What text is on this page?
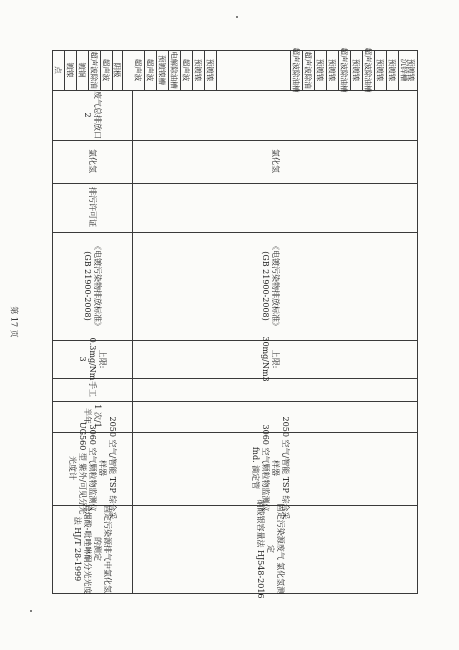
点 镀镍 镀铜 超声波除油 超声波 阴极 超声波 超声波 预镀镍槽 电解除油槽 超声波 预镀镍 预镀镍	超声波除油槽 超声波除油 预镀镍 预镀镍 超声波除油槽 预镀镍 超声波除油槽 预镀镍 预镀镍 沉锌槽
预镀镍
废气总排放口
2
氯化氢
排污许可证
《电镀污染物排放标准》
(GB 21900-2008)
上限:
0.3mg/Nm
3
手工
1 次/1
半年
2050 空气/智能 TSP 综合采
样器
3060 空气颗粒物监测仪
UG560 型 紫外/可见分光
光度计
固定污染源排气中氯化氢
的测定
异烟酸-吡唑啉酮分光光度
法 HJ/T 28-1999
氯化氢
《电镀污染物排放标准》
(GB 21900-2008)
上限:
30mg/Nm3
2050 空气/智能 TSP 综合采
样器
3060 空气颗粒物监测仪
fnd. 滴定管
固定污染源废气 氯化氢测
定
硝酸银容量法 HJ548-2016
第 17 页
